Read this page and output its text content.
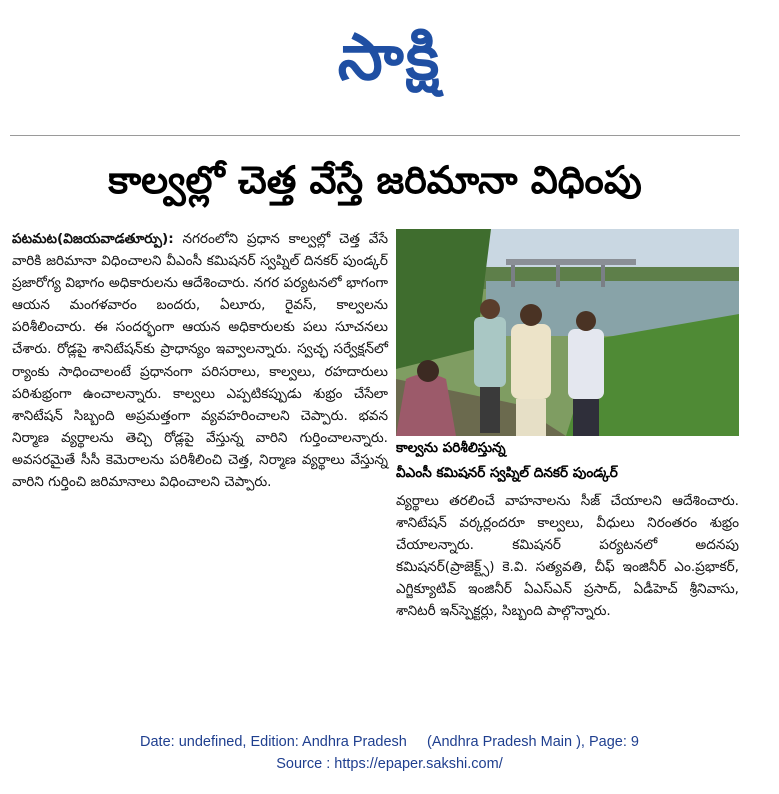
సాక్షి
కాల్వల్లో చెత్త వేస్తే జరిమానా విధింపు
పటమట(విజయవాడతూర్పు): నగరంలోని ప్రధాన కాల్వల్లో చెత్త వేసే వారికి జరిమానా విధించాలని వీఎంసీ కమిషనర్ స్వప్నిల్ దినకర్ పుండ్కర్ ప్రజారోగ్య విభాగం అధికారులను ఆదేశించారు. నగర పర్యటనలో భాగంగా ఆయన మంగళవారం బందరు, ఏలూరు, రైవస్, కాల్వలను పరిశీలించారు. ఈ సందర్భంగా ఆయన అధికారులకు పలు సూచనలు చేశారు. రోడ్లపై శానిటేషన్‌కు ప్రాధాన్యం ఇవ్వాలన్నారు. స్వచ్ఛ సర్వేక్షన్‌లో ర్యాంకు సాధించాలంటే ప్రధానంగా పరిసరాలు, కాల్వలు, రహదారులు పరిశుభ్రంగా ఉంచాలన్నారు. కాల్వలు ఎప్పటికప్పుడు శుభ్రం చేసేలా శానిటేషన్ సిబ్బంది అప్రమత్తంగా వ్యవహరించాలని చెప్పారు. భవన నిర్మాణ వ్యర్థాలను తెచ్చి రోడ్లపై వేస్తున్న వారిని గుర్తించాలన్నారు. అవసరమైతే సీసీ కెమెరాలను పరిశీలించి చెత్త, నిర్మాణ వ్యర్థాలు వేస్తున్న వారిని గుర్తించి జరిమానాలు విధించాలని చెప్పారు.
కాల్వను పరిశీలిస్తున్న
వీఎంసీ కమిషనర్ స్వప్నిల్ దినకర్ పుండ్కర్
వ్యర్థాలు తరలించే వాహనాలను సీజ్ చేయాలని ఆదేశించారు. శానిటేషన్ వర్కర్లందరూ కాల్వలు, వీధులు నిరంతరం శుభ్రం చేయాలన్నారు. కమిషనర్ పర్యటనలో అదనపు కమిషనర్(ప్రాజెక్ట్స్) కె.వి. సత్యవతి, చీఫ్ ఇంజినీర్ ఎం.ప్రభాకర్, ఎగ్జిక్యూటివ్ ఇంజినీర్ ఏఎస్ఎన్ ప్రసాద్, ఏడీహెచ్ శ్రీనివాసు, శానిటరీ ఇన్‌స్పెక్టర్లు, సిబ్బంది పాల్గొన్నారు.
Date: undefined, Edition: Andhra Pradesh     (Andhra Pradesh Main ), Page: 9
Source : https://epaper.sakshi.com/
